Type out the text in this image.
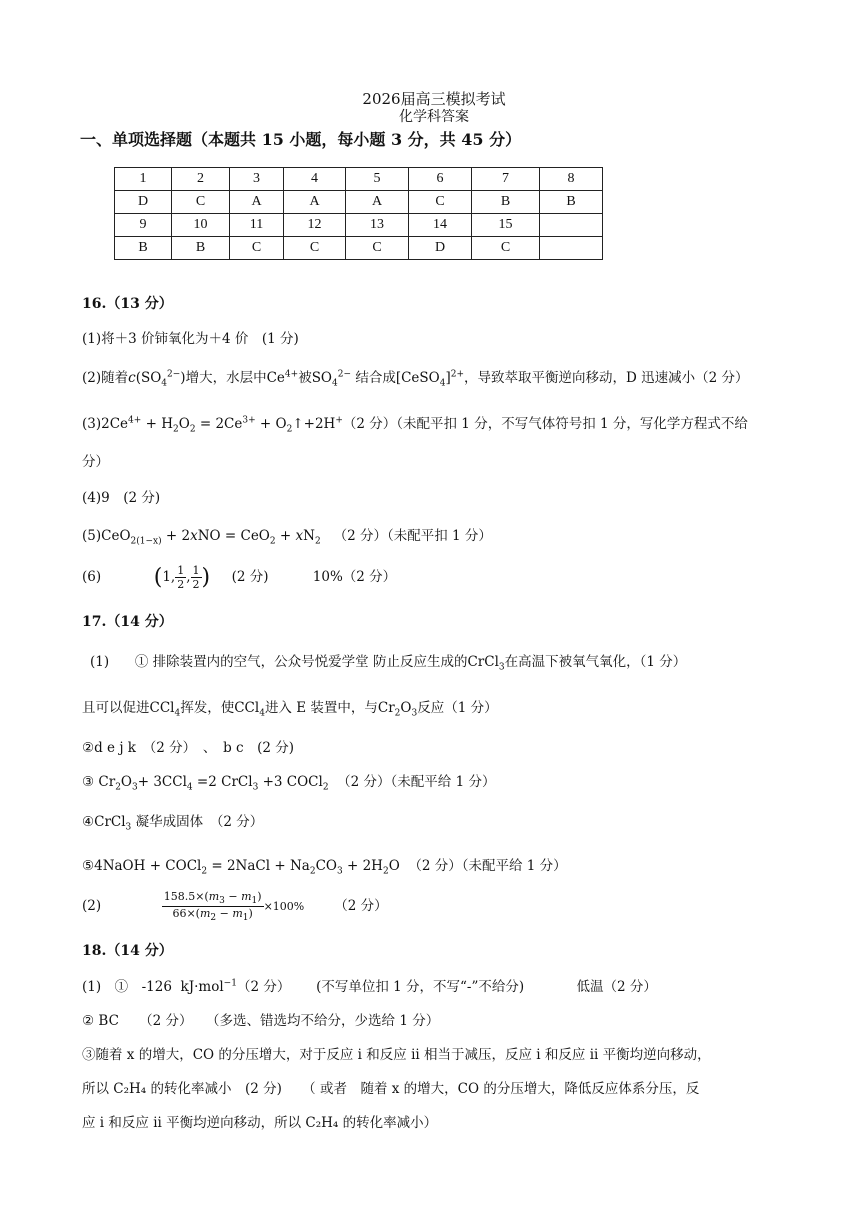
2026届高三模拟考试
化学科答案
一、单项选择题（本题共 15 小题，每小题 3 分，共 45 分）
1	2	3	4	5	6	7	8
D	C	A	A	A	C	B	B
9	10	11	12	13	14	15	
B	B	C	C	C	D	C	
16.（13 分）
(1)将＋3 价铈氧化为＋4 价　(1 分)
(2)随着$c(SO_4^{2-})$增大，水层中$Ce^{4+}$被$SO_4^{2-}$ 结合成[CeSO$_4$]$^{2+}$，导致萃取平衡逆向移动，D 迅速减小（2 分）
$(3)2Ce^{4+} + H_2O_2 = 2Ce^{3+}$ + $O_2↑+2H^+(2$ 分）（未配平扣 1 分，不写气体符号扣 1 分，写化学方程式不给
分）
(4)9　(2 分)
$(5)CeO_{2(1-x)} + 2xNO = CeO_2 + xN_2$ （2 分）（未配平扣 1 分）
(6) (1, $\frac{1}{2}$ , $\frac{1}{2}$ ) (2 分)	10%（2 分）
17.（14 分）
(1) ① 排除装置内的空气，公众号悦爱学堂 防止反应生成的CrCl$_3$在高温下被氧气氧化，（1 分）
且可以促进CCl$_4$挥发，使CCl$_4$进入 E 装置中，与$Cr_2O_3$反应（1 分）
②d e j k　（2 分）　、　b c　(2 分)
③ $Cr_2O_3+ 3CCl_4 =2$ CrCl$_3$ +3 COCl$_2$ （2 分）（未配平给 1 分）
④CrCl$_3$ 凝华成固体　（2 分）
⑤4NaOH + COCl$_2$ = 2NaCl + $Na_2CO_3 + 2H_2O$  （2 分）（未配平给 1 分）
(2)	$\frac{158.5\times(m_3 - m_1)}{66\times(m_2 - m_1)} \times 100\%$ （2 分）
18.（14 分）
(1)　①　-126  kJ·mol$^{-1}$（2 分） (不写单位扣 1 分，不写“-”不给分)	低温（2 分）
② BC　　（2 分）　　（多选、错选均不给分，少选给 1 分）
③随着 x 的增大，CO 的分压增大，对于反应 i 和反应 ii 相当于减压，反应 i 和反应 ii 平衡均逆向移动，
所以 C₂H₄ 的转化率减小　(2 分)　　（ 或者　随着 x 的增大，CO 的分压增大，降低反应体系分压，反
应 i 和反应 ii 平衡均逆向移动，所以 C₂H₄ 的转化率减小）
